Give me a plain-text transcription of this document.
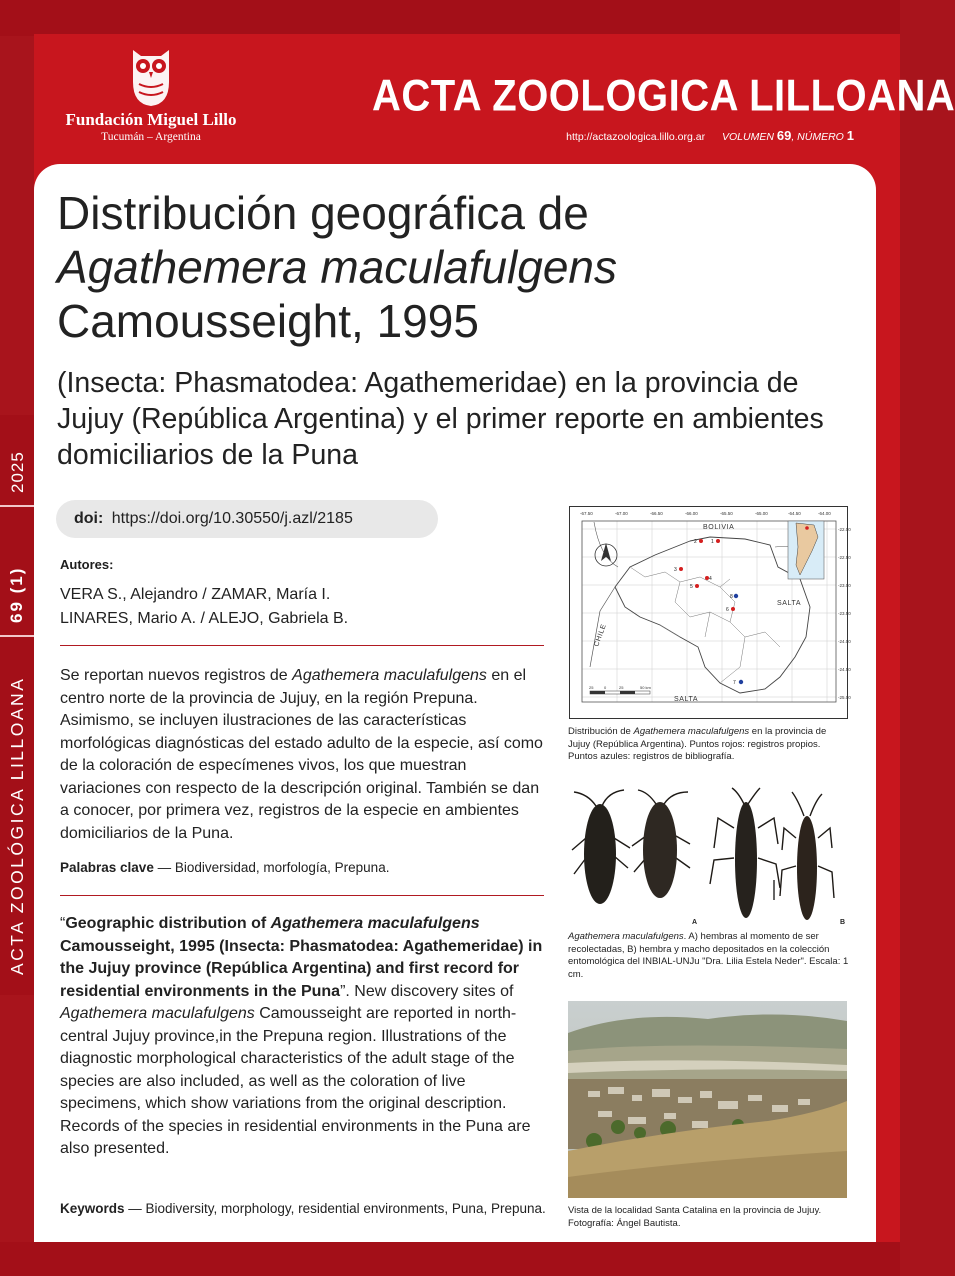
Fundación Miguel Lillo
Tucumán – Argentina
ACTA ZOOLOGICA LILLOANA
http://actazoologica.lillo.org.ar VOLUMEN 69, NÚMERO 1
2025
69 (1)
ACTA ZOOLÓGICA LILLOANA
Distribución geográfica de
Agathemera maculafulgens
Camousseight, 1995
(Insecta: Phasmatodea: Agathemeridae) en la provincia de Jujuy (República Argentina) y el primer reporte en ambientes domiciliarios de la Puna
doi: https://doi.org/10.30550/j.azl/2185
Autores:
VERA S., Alejandro / ZAMAR, María I.
LINARES, Mario A. / ALEJO, Gabriela B.
Se reportan nuevos registros de Agathemera maculafulgens en el centro norte de la provincia de Jujuy, en la región Prepuna. Asimismo, se incluyen ilustraciones de las características morfológicas diagnósticas del estado adulto de la especie, así como de la coloración de especímenes vivos, los que muestran variaciones con respecto de la descripción original. También se dan a conocer, por primera vez, registros de la especie en ambientes domiciliarios de la Puna.
Palabras clave — Biodiversidad, morfología, Prepuna.
“Geographic distribution of Agathemera maculafulgens Camousseight, 1995 (Insecta: Phasmatodea: Agathemeridae) in the Jujuy province (República Argentina) and first record for residential environments in the Puna”. New discovery sites of Agathemera maculafulgens Camousseight are reported in north-central Jujuy province,in the Prepuna region. Illustrations of the diagnostic morphological characteristics of the adult stage of the species are also included, as well as the coloration of live specimens, which show variations from the original description. Records of the species in residential environments in the Puna are also presented.
Keywords — Biodiversity, morphology, residential environments, Puna, Prepuna.
-67.50	-67.00	-66.50	-66.00	-65.50	-65.00	-64.50	-64.00
-22.00
-22.50
-23.00
-23.50
-24.00
-24.50
-25.00
BOLIVIA
SALTA
SALTA
CHILE
25	0	25	50 km
1
2
3
4
5
6
7
8
Distribución de Agathemera maculafulgens en la provincia de Jujuy (República Argentina). Puntos rojos: registros propios. Puntos azules: registros de bibliografía.
A	B
Agathemera maculafulgens. A) hembras al momento de ser recolectadas, B) hembra y macho depositados en la colección entomológica del INBIAL-UNJu "Dra. Lilia Estela Neder". Escala: 1 cm.
Vista de la localidad Santa Catalina en la provincia de Jujuy. Fotografía: Ángel Bautista.
